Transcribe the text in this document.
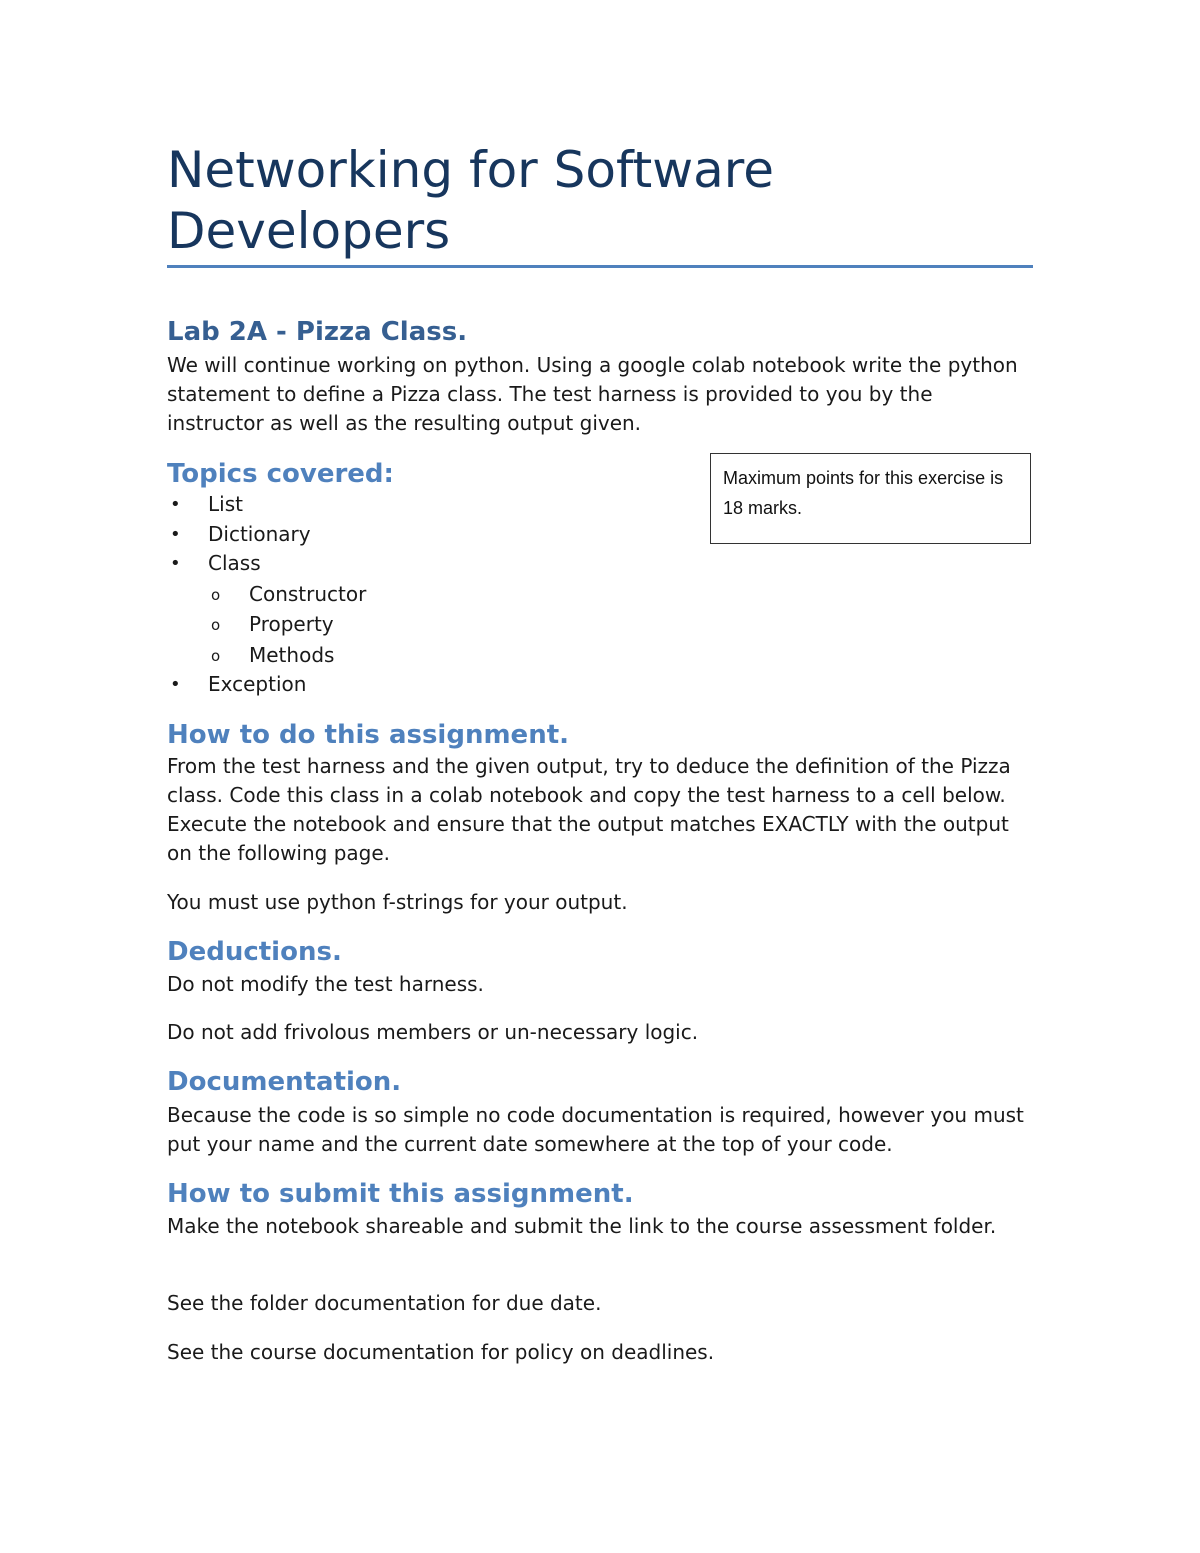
Networking for Software Developers
Lab 2A - Pizza Class.

We will continue working on python. Using a google colab notebook write the python statement to define a Pizza class. The test harness is provided to you by the instructor as well as the resulting output given.

Topics covered:	Maximum points for this exercise is 18 marks.

• List
• Dictionary
• Class
o Constructor
o Property
o Methods
• Exception
How to do this assignment.

From the test harness and the given output, try to deduce the definition of the Pizza class. Code this class in a colab notebook and copy the test harness to a cell below. Execute the notebook and ensure that the output matches EXACTLY with the output on the following page.

You must use python f-strings for your output.

Deductions.

Do not modify the test harness.

Do not add frivolous members or un-necessary logic.

Documentation.

Because the code is so simple no code documentation is required, however you must put your name and the current date somewhere at the top of your code.

How to submit this assignment.

Make the notebook shareable and submit the link to the course assessment folder.

See the folder documentation for due date.

See the course documentation for policy on deadlines.
